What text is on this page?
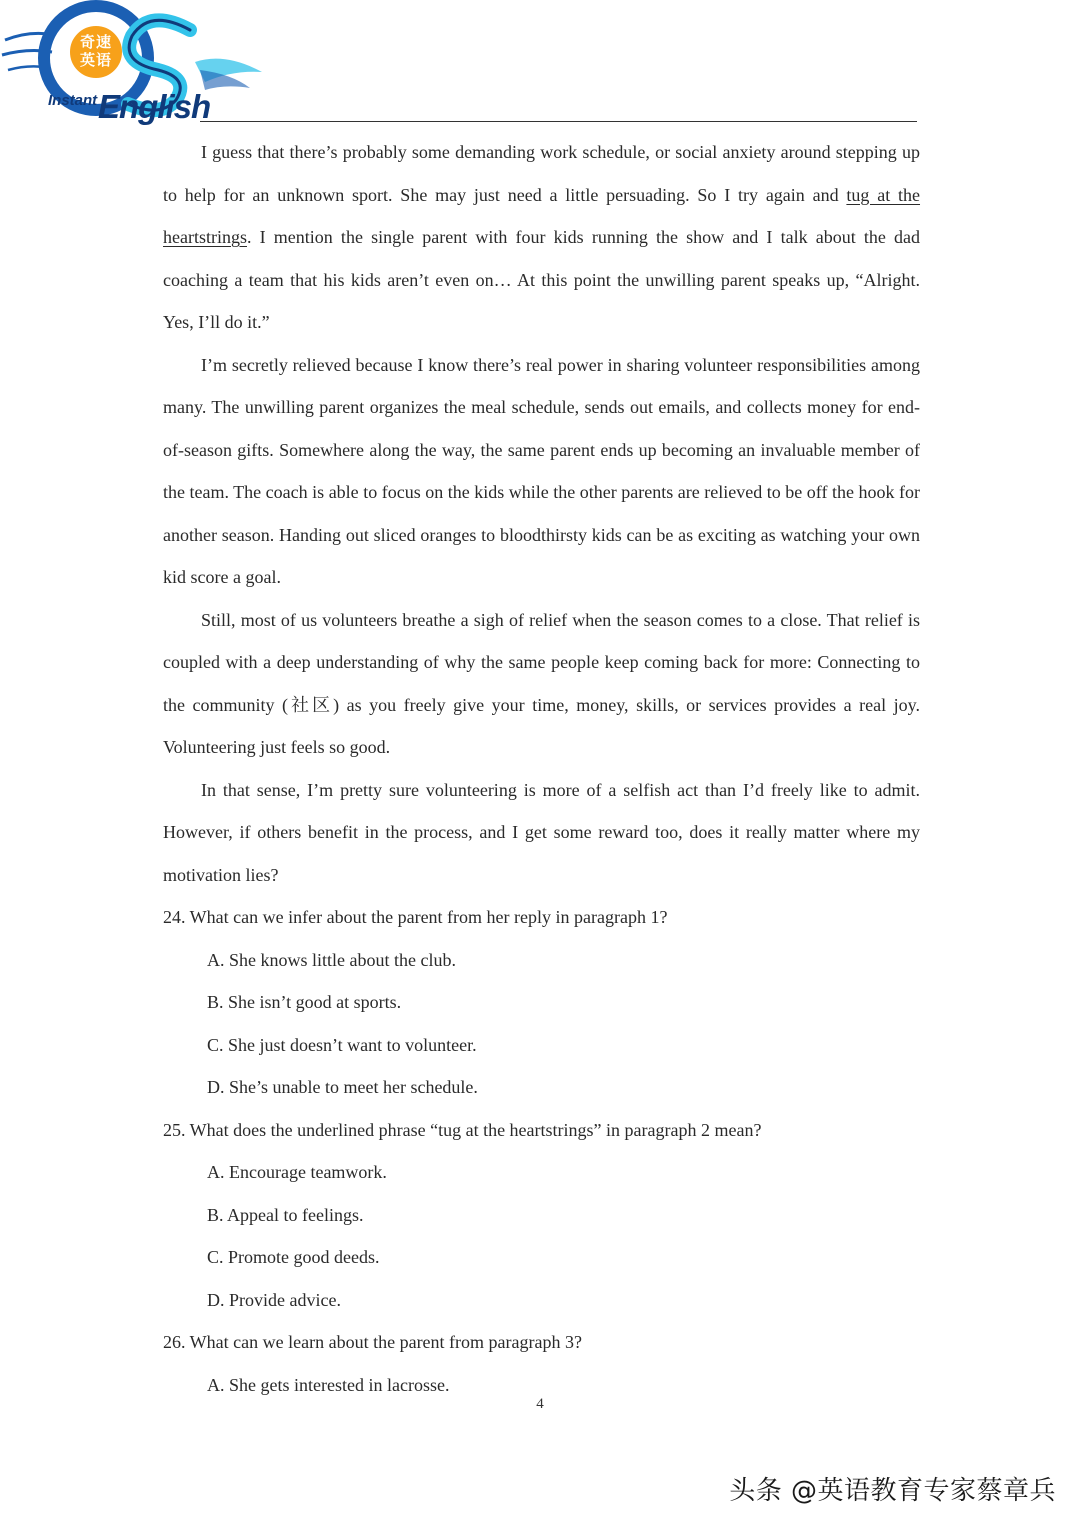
奇速英语
Instant English

I guess that there’s probably some demanding work schedule, or social anxiety around stepping up to help for an unknown sport. She may just need a little persuading. So I try again and tug at the heartstrings. I mention the single parent with four kids running the show and I talk about the dad coaching a team that his kids aren’t even on… At this point the unwilling parent speaks up, “Alright. Yes, I’ll do it.”

I’m secretly relieved because I know there’s real power in sharing volunteer responsibilities among many. The unwilling parent organizes the meal schedule, sends out emails, and collects money for end-of-season gifts. Somewhere along the way, the same parent ends up becoming an invaluable member of the team. The coach is able to focus on the kids while the other parents are relieved to be off the hook for another season. Handing out sliced oranges to bloodthirsty kids can be as exciting as watching your own kid score a goal.

Still, most of us volunteers breathe a sigh of relief when the season comes to a close. That relief is coupled with a deep understanding of why the same people keep coming back for more: Connecting to the community (社区) as you freely give your time, money, skills, or services provides a real joy. Volunteering just feels so good.

In that sense, I’m pretty sure volunteering is more of a selfish act than I’d freely like to admit. However, if others benefit in the process, and I get some reward too, does it really matter where my motivation lies?

24. What can we infer about the parent from her reply in paragraph 1?

A. She knows little about the club.

B. She isn’t good at sports.

C. She just doesn’t want to volunteer.

D. She’s unable to meet her schedule.

25. What does the underlined phrase “tug at the heartstrings” in paragraph 2 mean?

A. Encourage teamwork.

B. Appeal to feelings.

C. Promote good deeds.

D. Provide advice.

26. What can we learn about the parent from paragraph 3?

A. She gets interested in lacrosse.

4
头条 @英语教育专家蔡章兵
